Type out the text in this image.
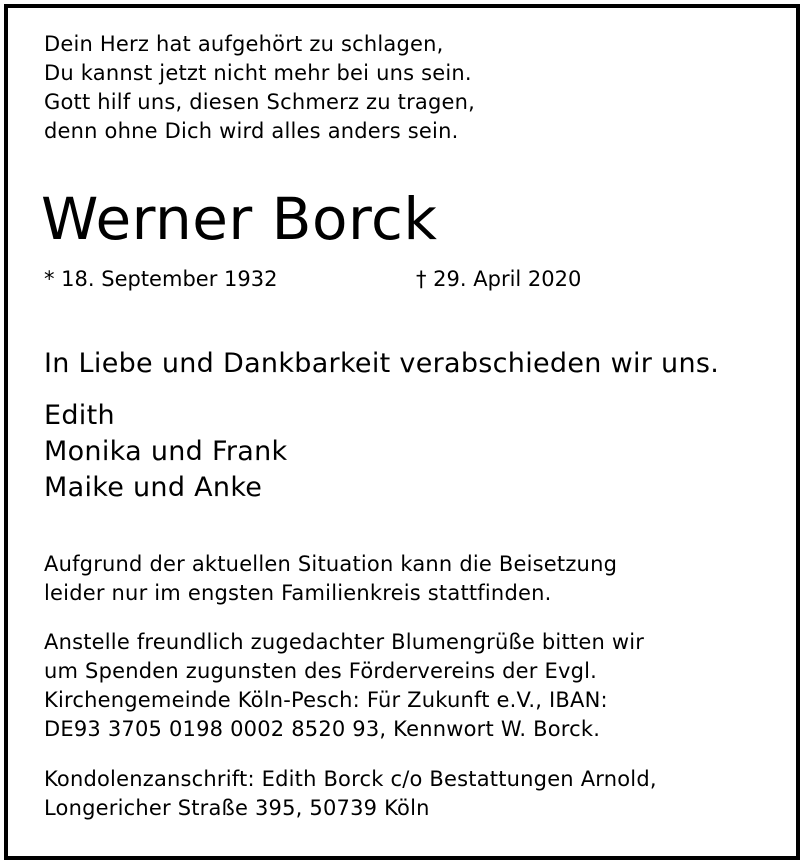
Dein Herz hat aufgehört zu schlagen,
Du kannst jetzt nicht mehr bei uns sein.
Gott hilf uns, diesen Schmerz zu tragen,
denn ohne Dich wird alles anders sein.
Werner Borck
* 18. September 1932	† 29. April 2020
In Liebe und Dankbarkeit verabschieden wir uns.
Edith
Monika und Frank
Maike und Anke
Aufgrund der aktuellen Situation kann die Beisetzung
leider nur im engsten Familienkreis stattfinden.
Anstelle freundlich zugedachter Blumengrüße bitten wir
um Spenden zugunsten des Fördervereins der Evgl.
Kirchengemeinde Köln-Pesch: Für Zukunft e.V., IBAN:
DE93 3705 0198 0002 8520 93, Kennwort W. Borck.
Kondolenzanschrift: Edith Borck c/o Bestattungen Arnold,
Longericher Straße 395, 50739 Köln
